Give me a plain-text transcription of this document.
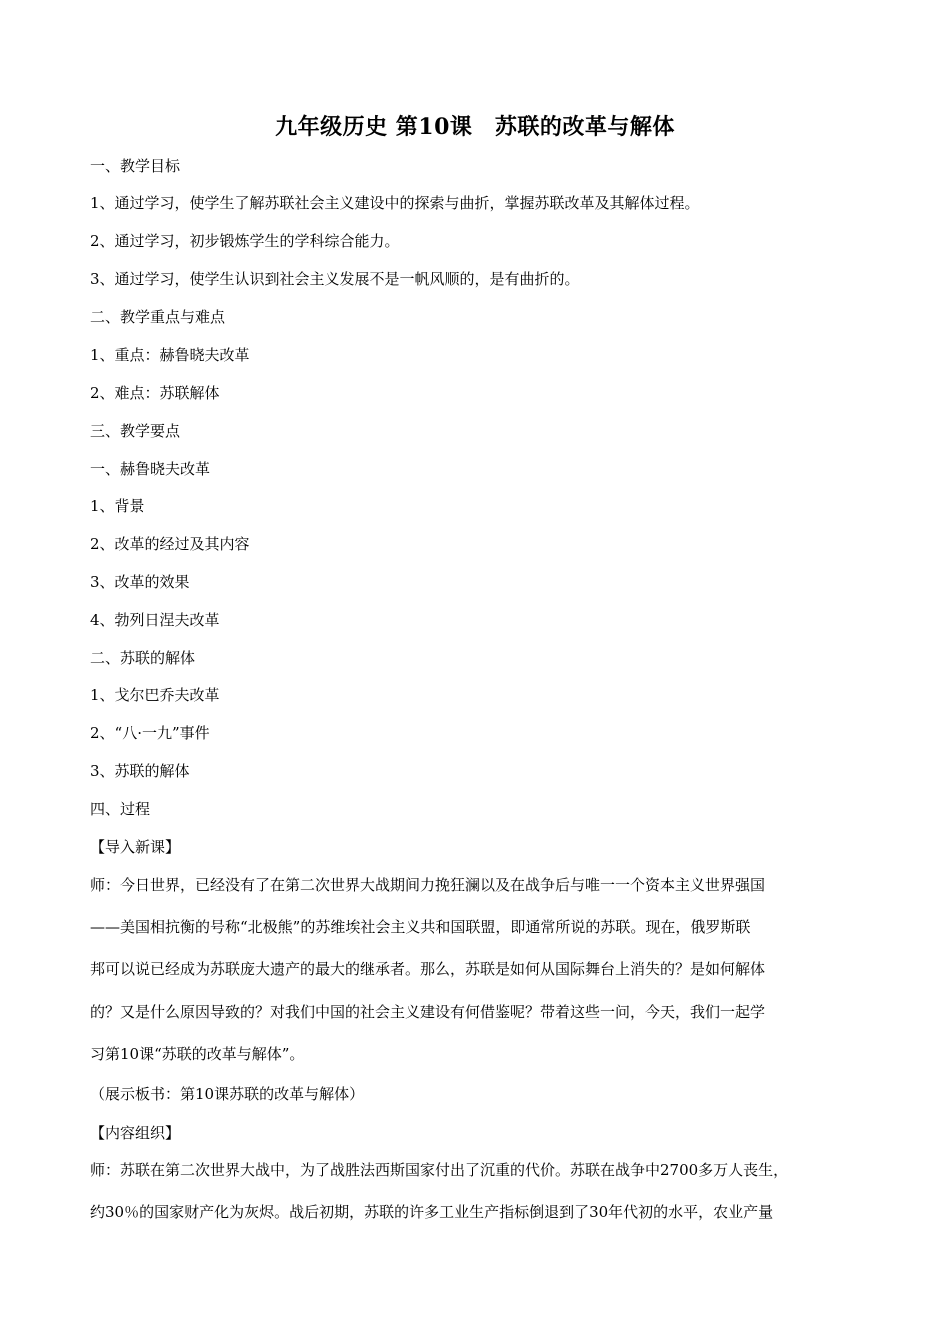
九年级历史 第10课　苏联的改革与解体
一、教学目标
1、通过学习，使学生了解苏联社会主义建设中的探索与曲折，掌握苏联改革及其解体过程。
2、通过学习，初步锻炼学生的学科综合能力。
3、通过学习，使学生认识到社会主义发展不是一帆风顺的，是有曲折的。
二、教学重点与难点
1、重点：赫鲁晓夫改革
2、难点：苏联解体
三、教学要点
一、赫鲁晓夫改革
1、背景
2、改革的经过及其内容
3、改革的效果
4、勃列日涅夫改革
二、苏联的解体
1、戈尔巴乔夫改革
2、“八·一九”事件
3、苏联的解体
四、过程
【导入新课】
师：今日世界，已经没有了在第二次世界大战期间力挽狂澜以及在战争后与唯一一个资本主义世界强国
——美国相抗衡的号称“北极熊”的苏维埃社会主义共和国联盟，即通常所说的苏联。现在，俄罗斯联
邦可以说已经成为苏联庞大遗产的最大的继承者。那么，苏联是如何从国际舞台上消失的？是如何解体
的？又是什么原因导致的？对我们中国的社会主义建设有何借鉴呢？带着这些一问，今天，我们一起学
习第10课“苏联的改革与解体”。
（展示板书：第10课苏联的改革与解体）
【内容组织】
师：苏联在第二次世界大战中，为了战胜法西斯国家付出了沉重的代价。苏联在战争中2700多万人丧生，
约30％的国家财产化为灰烬。战后初期，苏联的许多工业生产指标倒退到了30年代初的水平，农业产量
